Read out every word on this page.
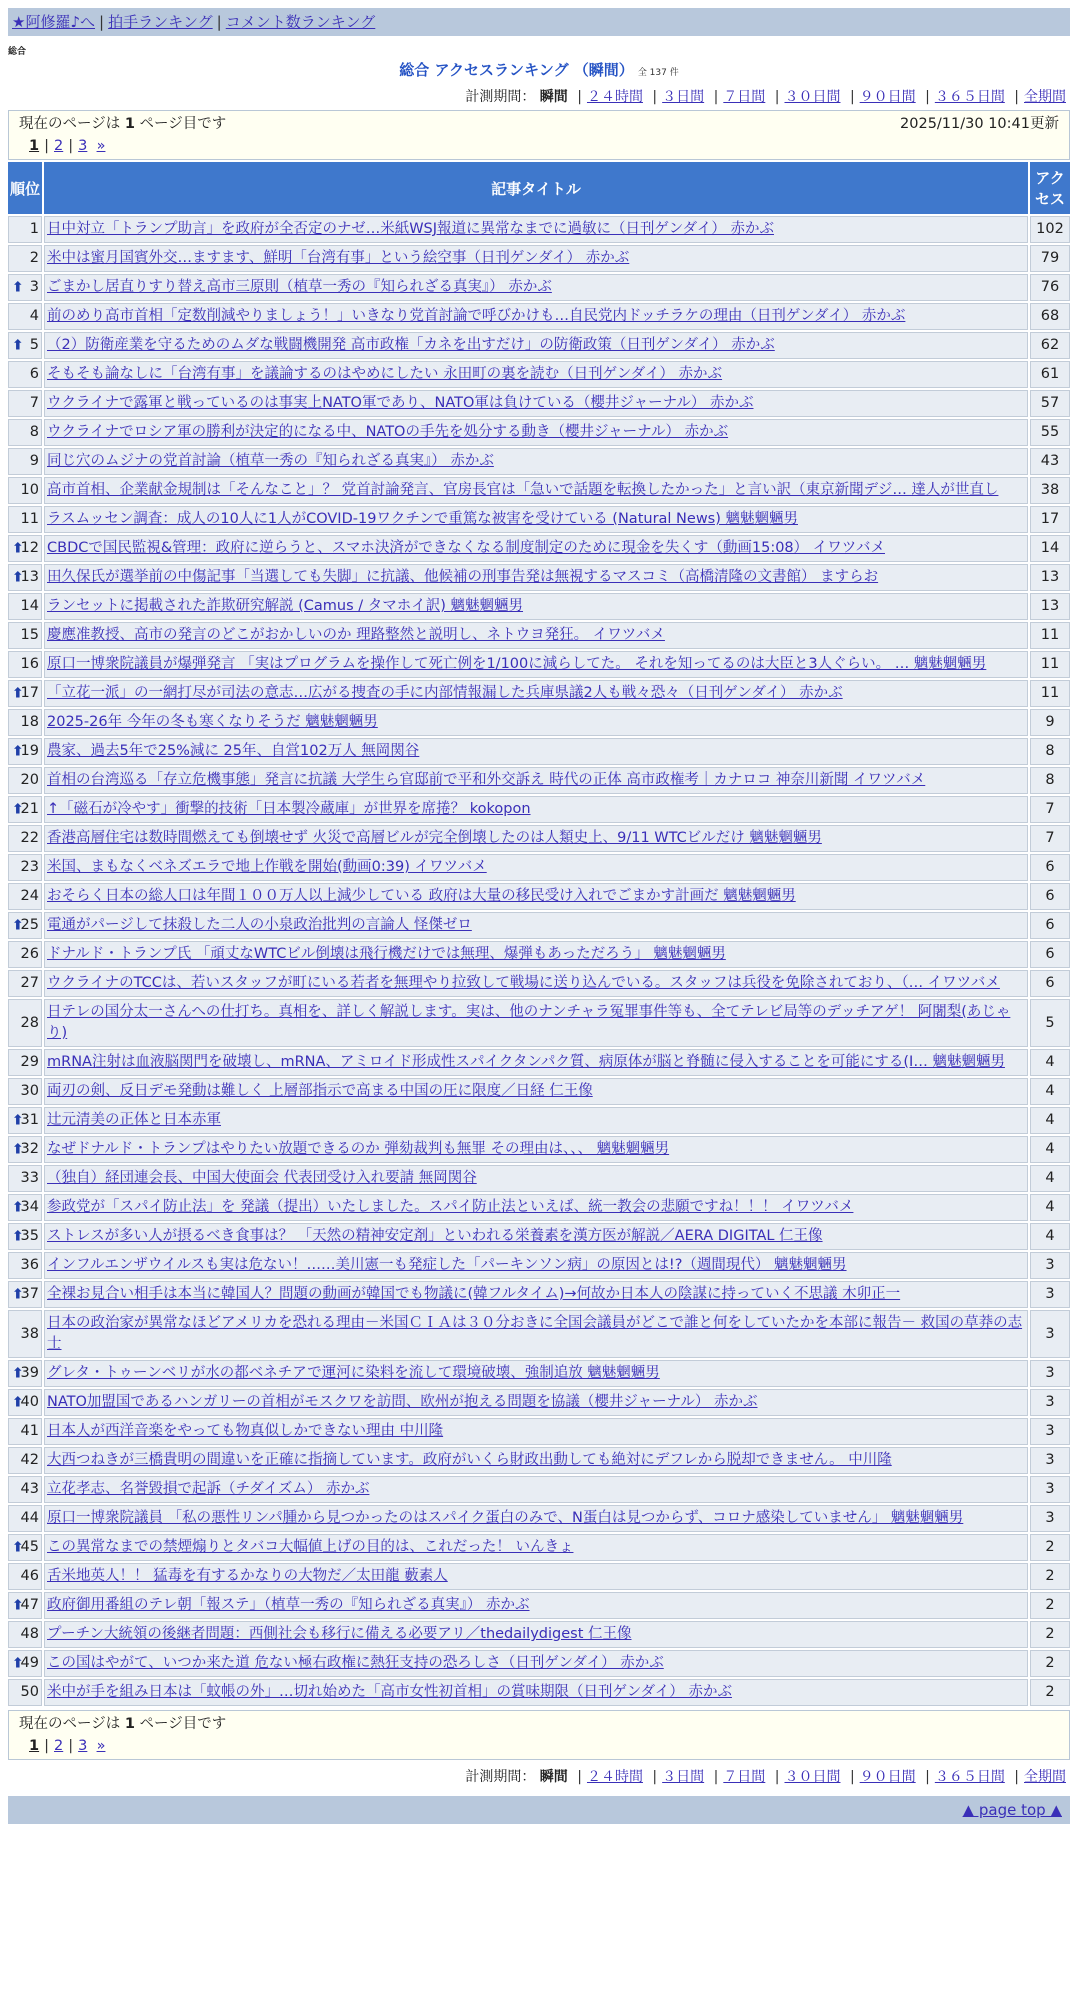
★阿修羅♪へ | 拍手ランキング | コメント数ランキング
総合
総合 アクセスランキング （瞬間） 全 137 件
計測期間： 瞬間 | ２４時間 | ３日間 | ７日間 | ３０日間 | ９０日間 | ３６５日間 | 全期間
現在のページは 1 ページ目です	2025/11/30 10:41更新
1 | 2 | 3 »
順位	記事タイトル	アクセス
1	日中対立「トランプ助言」を政府が全否定のナゼ…米紙WSJ報道に異常なまでに過敏に（日刊ゲンダイ） 赤かぶ	102
2	米中は蜜月国賓外交…ますます、鮮明「台湾有事」という絵空事（日刊ゲンダイ） 赤かぶ	79

⬆ 3	ごまかし居直りすり替え高市三原則（植草一秀の『知られざる真実』） 赤かぶ	76
4	前のめり高市首相「定数削減やりましょう！」いきなり党首討論で呼びかけも…自民党内ドッチラケの理由（日刊ゲンダイ） 赤かぶ	68

⬆ 5	（2）防衛産業を守るためのムダな戦闘機開発 高市政権「カネを出すだけ」の防衛政策（日刊ゲンダイ） 赤かぶ	62
6	そもそも論なしに「台湾有事」を議論するのはやめにしたい 永田町の裏を読む（日刊ゲンダイ） 赤かぶ	61
7	ウクライナで露軍と戦っているのは事実上NATO軍であり、NATO軍は負けている（櫻井ジャーナル） 赤かぶ	57
8	ウクライナでロシア軍の勝利が決定的になる中、NATOの手先を処分する動き（櫻井ジャーナル） 赤かぶ	55
9	同じ穴のムジナの党首討論（植草一秀の『知られざる真実』） 赤かぶ	43
10	高市首相、企業献金規制は「そんなこと」？ 党首討論発言、官房長官は「急いで話題を転換したかった」と言い訳（東京新聞デジ… 達人が世直し	38
11	ラスムッセン調査：成人の10人に1人がCOVID-19ワクチンで重篤な被害を受けている (Natural News) 魑魅魍魎男	17

⬆
12	CBDCで国民監視&管理：政府に逆らうと、スマホ決済ができなくなる制度制定のために現金を失くす（動画15:08） イワツバメ	14

⬆
13	田久保氏が選挙前の中傷記事「当選しても失脚」に抗議、他候補の刑事告発は無視するマスコミ（高橋清隆の文書館） ますらお	13
14	ランセットに掲載された詐欺研究解説 (Camus / タマホイ訳) 魑魅魍魎男	13
15	慶應准教授、高市の発言のどこがおかしいのか 理路整然と説明し、ネトウヨ発狂。 イワツバメ	11
16	原口一博衆院議員が爆弾発言 「実はプログラムを操作して死亡例を1/100に減らしてた。 それを知ってるのは大臣と3人ぐらい。 … 魑魅魍魎男	11

⬆
17	「立花一派」の一網打尽が司法の意志…広がる捜査の手に内部情報漏した兵庫県議2人も戦々恐々（日刊ゲンダイ） 赤かぶ	11
18	2025-26年 今年の冬も寒くなりそうだ 魑魅魍魎男	9

⬆
19	農家、過去5年で25%減に 25年、自営102万人 無岡関谷	8
20	首相の台湾巡る「存立危機事態」発言に抗議 大学生ら官邸前で平和外交訴え 時代の正体 高市政権考｜カナロコ 神奈川新聞 イワツバメ	8

⬆
21	↑「磁石が冷やす」衝撃的技術「日本製冷蔵庫」が世界を席捲？ kokopon	7
22	香港高層住宅は数時間燃えても倒壊せず 火災で高層ビルが完全倒壊したのは人類史上、9/11 WTCビルだけ 魑魅魍魎男	7
23	米国、まもなくベネズエラで地上作戦を開始(動画0:39) イワツバメ	6
24	おそらく日本の総人口は年間１００万人以上減少している 政府は大量の移民受け入れでごまかす計画だ 魑魅魍魎男	6

⬆
25	電通がパージして抹殺した二人の小泉政治批判の言論人 怪傑ゼロ	6
26	ドナルド・トランプ氏 「頑丈なWTCビル倒壊は飛行機だけでは無理、爆弾もあっただろう」 魑魅魍魎男	6
27	ウクライナのTCCは、若いスタッフが町にいる若者を無理やり拉致して戦場に送り込んでいる。スタッフは兵役を免除されており、（… イワツバメ	6
28	日テレの国分太一さんへの仕打ち。真相を、詳しく解説します。実は、他のナンチャラ冤罪事件等も、全てテレビ局等のデッチアゲ！ 阿闍梨(あじゃり)	5
29	mRNA注射は血液脳関門を破壊し、mRNA、アミロイド形成性スパイクタンパク質、病原体が脳と脊髄に侵入することを可能にする(I… 魑魅魍魎男	4
30	両刃の剣、反日デモ発動は難しく 上層部指示で高まる中国の圧に限度／日経 仁王像	4

⬆
31	辻元清美の正体と日本赤軍	4

⬆
32	なぜドナルド・トランプはやりたい放題できるのか 弾劾裁判も無罪 その理由は、、、 魑魅魍魎男	4
33	（独自）経団連会長、中国大使面会 代表団受け入れ要請 無岡関谷	4

⬆
34	参政党が「スパイ防止法」を 発議（提出）いたしました。スパイ防止法といえば、統一教会の悲願ですね！！！ イワツバメ	4

⬆
35	ストレスが多い人が摂るべき食事は？ 「天然の精神安定剤」といわれる栄養素を漢方医が解説／AERA DIGITAL 仁王像	4
36	インフルエンザウイルスも実は危ない！……美川憲一も発症した「パーキンソン病」の原因とは!?（週間現代） 魑魅魍魎男	3

⬆
37	全裸お見合い相手は本当に韓国人？問題の動画が韓国でも物議に(韓フルタイム)→何故か日本人の陰謀に持っていく不思議 木卯正一	3
38	日本の政治家が異常なほどアメリカを恐れる理由－米国ＣＩＡは３０分おきに全国会議員がどこで誰と何をしていたかを本部に報告－ 救国の草莽の志士	3

⬆
39	グレタ・トゥーンベリが水の都ベネチアで運河に染料を流して環境破壊、強制追放 魑魅魍魎男	3

⬆
40	NATO加盟国であるハンガリーの首相がモスクワを訪問、欧州が抱える問題を協議（櫻井ジャーナル） 赤かぶ	3
41	日本人が西洋音楽をやっても物真似しかできない理由 中川隆	3
42	大西つねきが三橋貴明の間違いを正確に指摘しています。政府がいくら財政出動しても絶対にデフレから脱却できません。 中川隆	3
43	立花孝志、名誉毀損で起訴（チダイズム） 赤かぶ	3
44	原口一博衆院議員 「私の悪性リンパ腫から見つかったのはスパイク蛋白のみで、N蛋白は見つからず、コロナ感染していません」 魑魅魍魎男	3

⬆
45	この異常なまでの禁煙煽りとタバコ大幅値上げの目的は、これだった！ いんきょ	2
46	舌米地英人！！ 猛毒を有するかなりの大物だ／太田龍 藪素人	2

⬆
47	政府御用番組のテレ朝「報ステ」（植草一秀の『知られざる真実』） 赤かぶ	2
48	プーチン大統領の後継者問題：西側社会も移行に備える必要アリ／thedailydigest 仁王像	2

⬆
49	この国はやがて、いつか来た道 危ない極右政権に熱狂支持の恐ろしさ（日刊ゲンダイ） 赤かぶ	2
50	米中が手を組み日本は「蚊帳の外」…切れ始めた「高市女性初首相」の賞味期限（日刊ゲンダイ） 赤かぶ	2
現在のページは 1 ページ目です
1 | 2 | 3 »
計測期間： 瞬間 | ２４時間 | ３日間 | ７日間 | ３０日間 | ９０日間 | ３６５日間 | 全期間
▲ page top ▲
